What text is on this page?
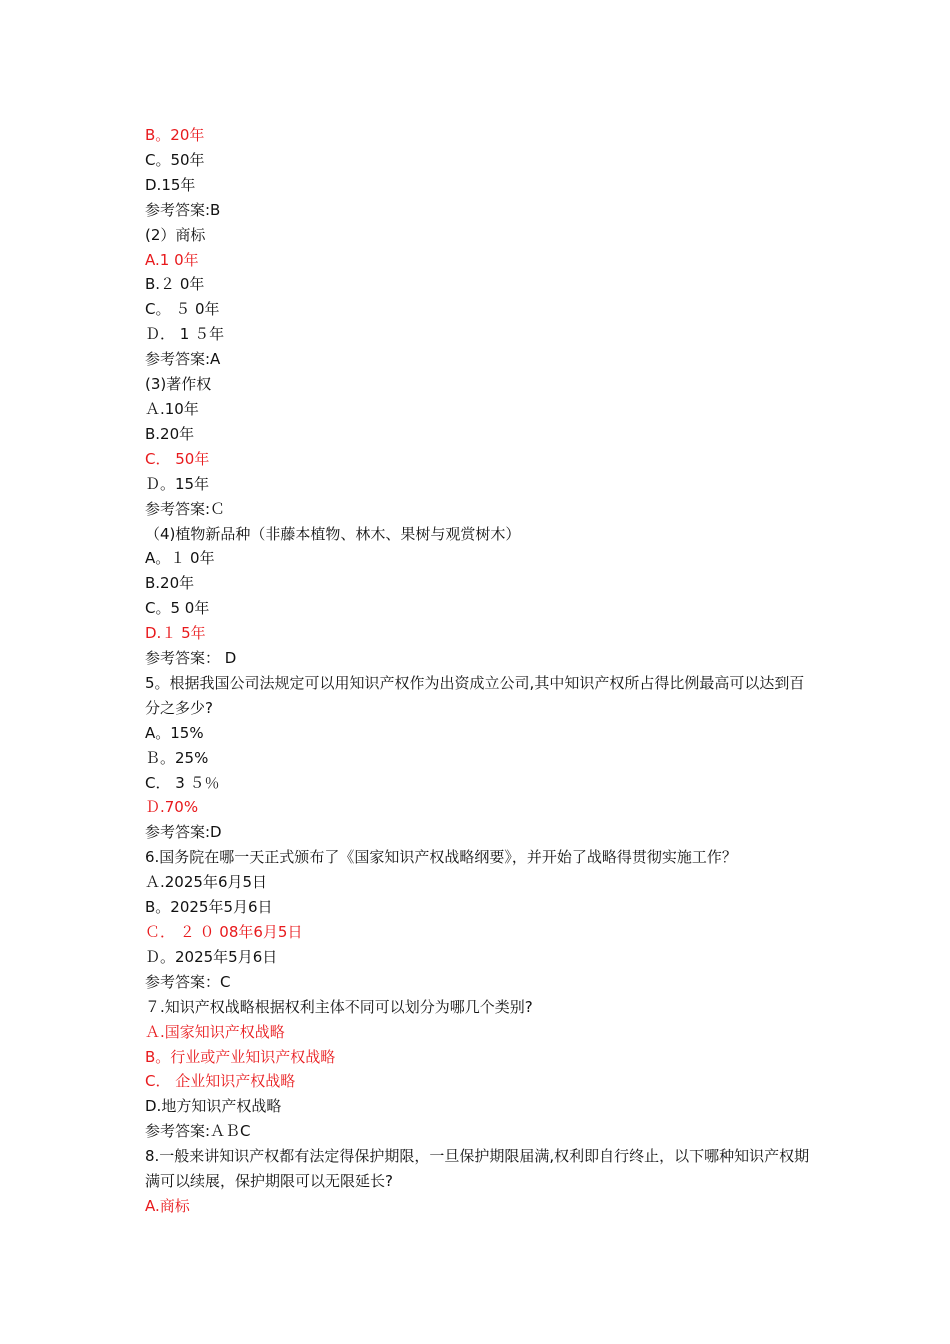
B。20年
C。50年
D.15年
参考答案:B
(2）商标
A.1 0年
B.２ 0年
C。 ５ 0年
Ｄ． 1 ５年
参考答案:A
(3)著作权
Ａ.10年
B.20年
C． 50年
Ｄ。15年
参考答案:Ｃ
（4)植物新品种（非藤本植物、林木、果树与观赏树木）
A。１ 0年
B.20年
C。5 0年
D.１ 5年
参考答案： D
5。根据我国公司法规定可以用知识产权作为出资成立公司,其中知识产权所占得比例最高可以达到百分之多少?
A。15%
Ｂ。25%
C． 3 ５％
Ｄ.70%
参考答案:D
6.国务院在哪一天正式颁布了《国家知识产权战略纲要》，并开始了战略得贯彻实施工作？
Ａ.2025年6月5日
B。2025年5月6日
Ｃ． ２ ０ 08年6月5日
Ｄ。2025年5月6日
参考答案：C
７.知识产权战略根据权利主体不同可以划分为哪几个类别?
Ａ.国家知识产权战略
B。行业或产业知识产权战略
C． 企业知识产权战略
D.地方知识产权战略
参考答案:ＡＢC
8.一般来讲知识产权都有法定得保护期限，一旦保护期限届满,权利即自行终止，以下哪种知识产权期满可以续展，保护期限可以无限延长?
A.商标
